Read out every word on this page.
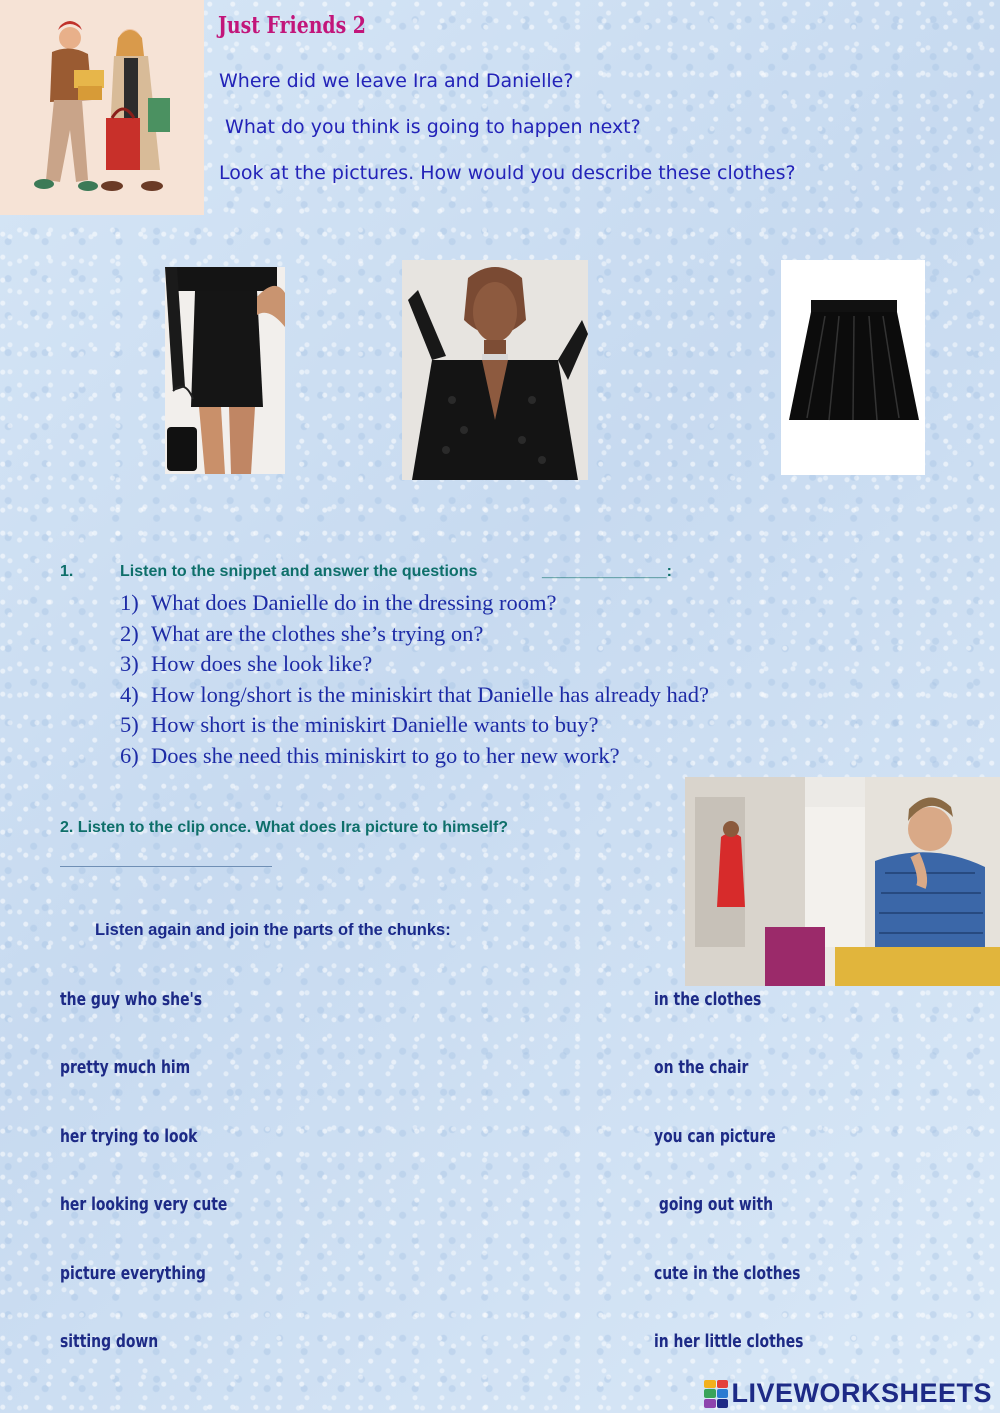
Just Friends 2
Where did we leave Ira and Danielle?
What do you think is going to happen next?
Look at the pictures. How would you describe these clothes?
1.	Listen to the snippet and answer the questions	______________:
1) What does Danielle do in the dressing room?
2) What are the clothes she’s trying on?
3) How does she look like?
4) How long/short is the miniskirt that Danielle has already had?
5) How short is the miniskirt Danielle wants to buy?
6) Does she need this miniskirt to go to her new work?
2. Listen to the clip once. What does Ira picture to himself?
Listen again and join the parts of the chunks:
the guy who she's
pretty much him
her trying to look
her looking very cute
picture everything
sitting down
in the clothes
on the chair
you can picture
going out with
cute in the clothes
in her little clothes
LIVEWORKSHEETS
